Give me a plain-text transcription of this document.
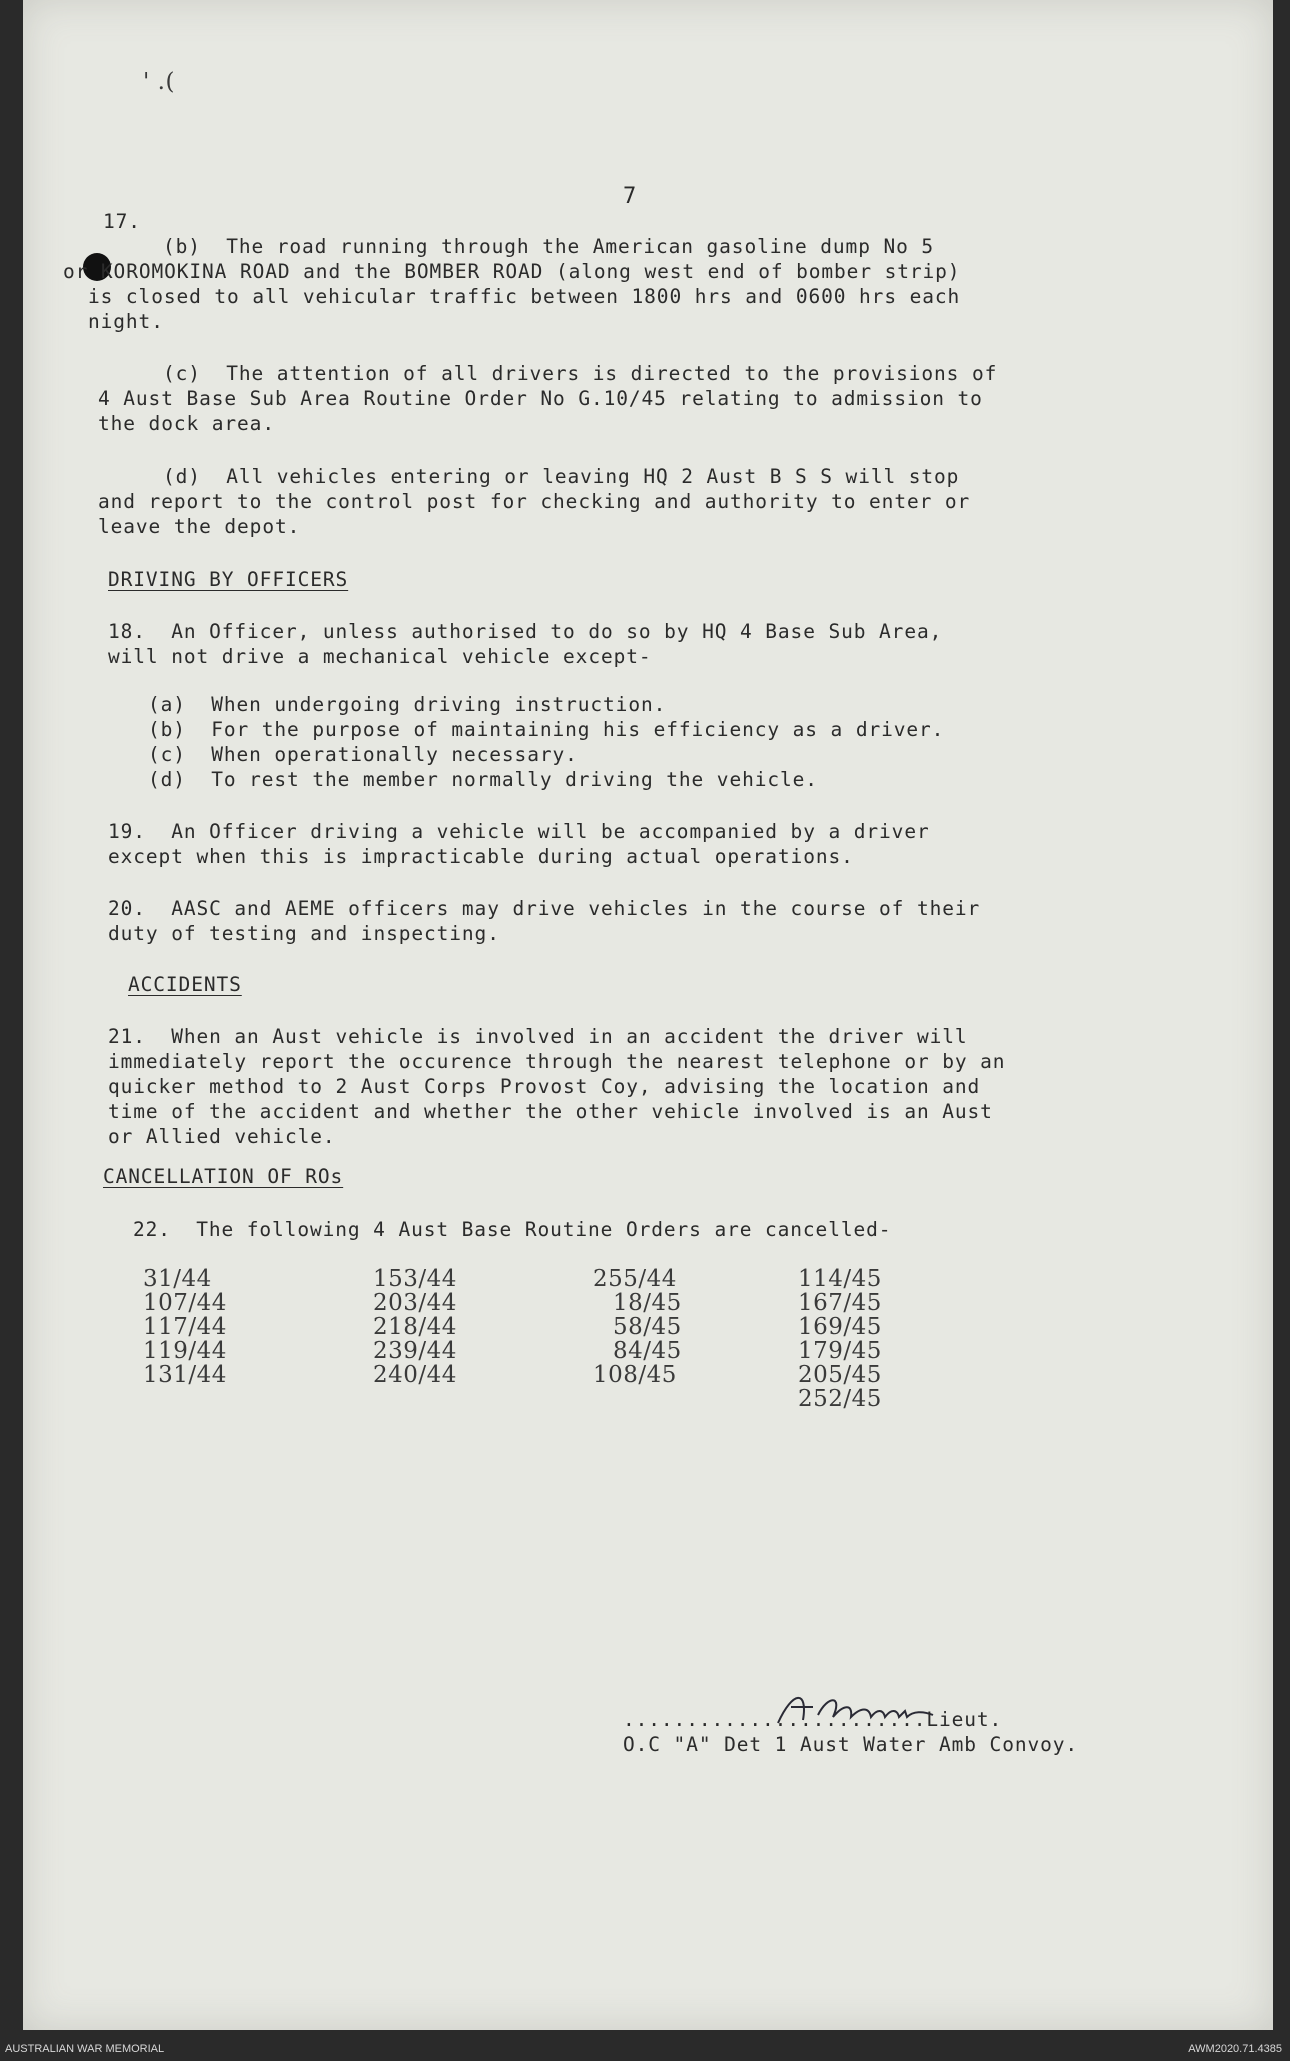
' .(
7
17.
(b)  The road running through the American gasoline dump No 5
or KOROMOKINA ROAD and the BOMBER ROAD (along west end of bomber strip)
is closed to all vehicular traffic between 1800 hrs and 0600 hrs each
night.
(c)  The attention of all drivers is directed to the provisions of
4 Aust Base Sub Area Routine Order No G.10/45 relating to admission to
the dock area.
(d)  All vehicles entering or leaving HQ 2 Aust B S S will stop
and report to the control post for checking and authority to enter or
leave the depot.
DRIVING BY OFFICERS
18.  An Officer, unless authorised to do so by HQ 4 Base Sub Area,
will not drive a mechanical vehicle except-
(a)  When undergoing driving instruction.
(b)  For the purpose of maintaining his efficiency as a driver.
(c)  When operationally necessary.
(d)  To rest the member normally driving the vehicle.
19.  An Officer driving a vehicle will be accompanied by a driver
except when this is impracticable during actual operations.
20.  AASC and AEME officers may drive vehicles in the course of their
duty of testing and inspecting.
ACCIDENTS
21.  When an Aust vehicle is involved in an accident the driver will
immediately report the occurence through the nearest telephone or by an
quicker method to 2 Aust Corps Provost Coy, advising the location and
time of the accident and whether the other vehicle involved is an Aust
or Allied vehicle.
CANCELLATION OF ROs
22.  The following 4 Aust Base Routine Orders are cancelled-
31/44
107/44
117/44
119/44
131/44
153/44
203/44
218/44
239/44
240/44
255/44
18/45
58/45
84/45
108/45
114/45
167/45
169/45
179/45
205/45
252/45
........................Lieut.
O.C "A" Det 1 Aust Water Amb Convoy.
AUSTRALIAN WAR MEMORIAL	AWM2020.71.4385
